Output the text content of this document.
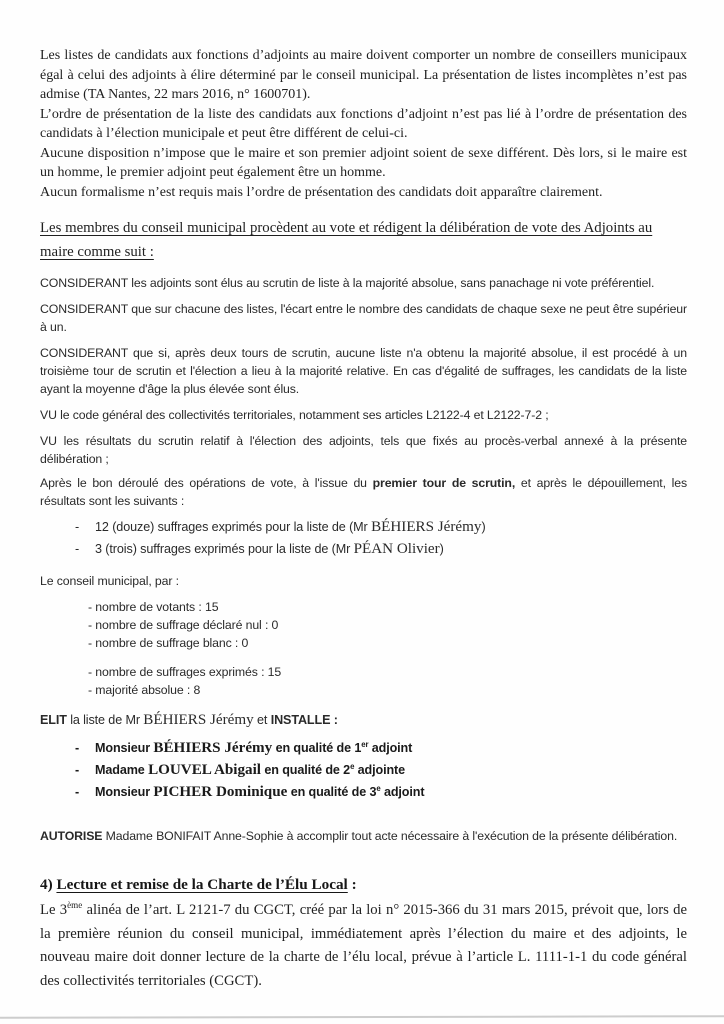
Les listes de candidats aux fonctions d’adjoints au maire doivent comporter un nombre de conseillers municipaux égal à celui des adjoints à élire déterminé par le conseil municipal. La présentation de listes incomplètes n’est pas admise (TA Nantes, 22 mars 2016, n° 1600701).

L’ordre de présentation de la liste des candidats aux fonctions d’adjoint n’est pas lié à l’ordre de présentation des candidats à l’élection municipale et peut être différent de celui-ci.

Aucune disposition n’impose que le maire et son premier adjoint soient de sexe différent. Dès lors, si le maire est un homme, le premier adjoint peut également être un homme.

Aucun formalisme n’est requis mais l’ordre de présentation des candidats doit apparaître clairement.

Les membres du conseil municipal procèdent au vote et rédigent la délibération de vote des Adjoints au maire comme suit :

CONSIDERANT les adjoints sont élus au scrutin de liste à la majorité absolue, sans panachage ni vote préférentiel.

CONSIDERANT que sur chacune des listes, l'écart entre le nombre des candidats de chaque sexe ne peut être supérieur à un.

CONSIDERANT que si, après deux tours de scrutin, aucune liste n'a obtenu la majorité absolue, il est procédé à un troisième tour de scrutin et l'élection a lieu à la majorité relative. En cas d'égalité de suffrages, les candidats de la liste ayant la moyenne d'âge la plus élevée sont élus.

VU le code général des collectivités territoriales, notamment ses articles L2122-4 et L2122-7-2 ;

VU les résultats du scrutin relatif à l'élection des adjoints, tels que fixés au procès-verbal annexé à la présente délibération ;

Après le bon déroulé des opérations de vote, à l'issue du premier tour de scrutin, et après le dépouillement, les résultats sont les suivants :

-	12 (douze) suffrages exprimés pour la liste de (Mr BÉHIERS Jérémy)
-	3 (trois) suffrages exprimés pour la liste de (Mr PÉAN Olivier)

Le conseil municipal, par :

- nombre de votants : 15

- nombre de suffrage déclaré nul : 0

- nombre de suffrage blanc : 0

- nombre de suffrages exprimés : 15

- majorité absolue : 8

ELIT la liste de Mr BÉHIERS Jérémy et INSTALLE :

-	Monsieur BÉHIERS Jérémy en qualité de 1er adjoint
-	Madame LOUVEL Abigail en qualité de 2e adjointe
-	Monsieur PICHER Dominique en qualité de 3e adjoint

AUTORISE Madame BONIFAIT Anne-Sophie à accomplir tout acte nécessaire à l'exécution de la présente délibération.

4) Lecture et remise de la Charte de l’Élu Local :

Le 3ème alinéa de l’art. L 2121-7 du CGCT, créé par la loi n° 2015-366 du 31 mars 2015, prévoit que, lors de la première réunion du conseil municipal, immédiatement après l’élection du maire et des adjoints, le nouveau maire doit donner lecture de la charte de l’élu local, prévue à l’article L. 1111-1-1 du code général des collectivités territoriales (CGCT).
